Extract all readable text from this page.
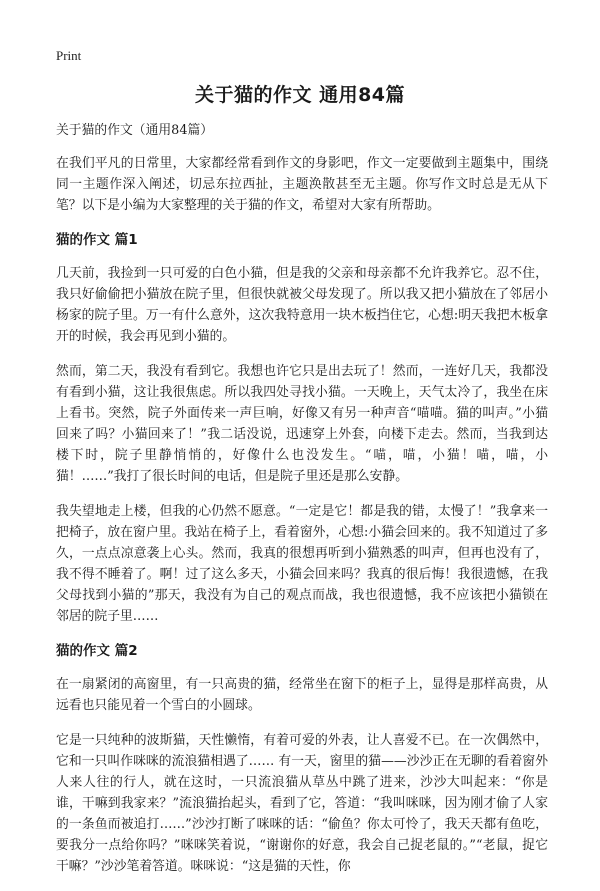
Print
关于猫的作文 通用84篇

关于猫的作文（通用84篇）

在我们平凡的日常里，大家都经常看到作文的身影吧，作文一定要做到主题集中，围绕同一主题作深入阐述，切忌东拉西扯，主题涣散甚至无主题。你写作文时总是无从下笔？以下是小编为大家整理的关于猫的作文，希望对大家有所帮助。

猫的作文 篇1

几天前，我捡到一只可爱的白色小猫，但是我的父亲和母亲都不允许我养它。忍不住，我只好偷偷把小猫放在院子里，但很快就被父母发现了。所以我又把小猫放在了邻居小杨家的院子里。万一有什么意外，这次我特意用一块木板挡住它，心想:明天我把木板拿开的时候，我会再见到小猫的。

然而，第二天，我没有看到它。我想也许它只是出去玩了！然而，一连好几天，我都没有看到小猫，这让我很焦虑。所以我四处寻找小猫。一天晚上，天气太冷了，我坐在床上看书。突然，院子外面传来一声巨响，好像又有另一种声音“喵喵。猫的叫声。”小猫回来了吗？小猫回来了！”我二话没说，迅速穿上外套，向楼下走去。然而，当我到达楼下时，院子里静悄悄的，好像什么也没发生。“喵，喵，小猫！喵，喵，小猫！……”我打了很长时间的电话，但是院子里还是那么安静。

我失望地走上楼，但我的心仍然不愿意。“一定是它！都是我的错，太慢了！”我拿来一把椅子，放在窗户里。我站在椅子上，看着窗外，心想:小猫会回来的。我不知道过了多久，一点点凉意袭上心头。然而，我真的很想再听到小猫熟悉的叫声，但再也没有了，我不得不睡着了。啊！过了这么多天，小猫会回来吗？我真的很后悔！我很遗憾，在我父母找到小猫的”那天，我没有为自己的观点而战，我也很遗憾，我不应该把小猫锁在邻居的院子里……

猫的作文 篇2

在一扇紧闭的高窗里，有一只高贵的猫，经常坐在窗下的柜子上，显得是那样高贵，从远看也只能见着一个雪白的小圆球。

它是一只纯种的波斯猫，天性懒惰，有着可爱的外表，让人喜爱不已。在一次偶然中，它和一只叫作咪咪的流浪猫相遇了…… 有一天，窗里的猫——沙沙正在无聊的看着窗外人来人往的行人，就在这时，一只流浪猫从草丛中跳了进来，沙沙大叫起来：“你是谁，干嘛到我家来？”流浪猫抬起头，看到了它，答道：“我叫咪咪，因为刚才偷了人家的一条鱼而被追打……”沙沙打断了咪咪的话：“偷鱼？你太可怜了，我天天都有鱼吃，要我分一点给你吗？”咪咪笑着说，“谢谢你的好意，我会自己捉老鼠的。”“老鼠，捉它干嘛？”沙沙笔着答道。咪咪说：“这是猫的天性，你
